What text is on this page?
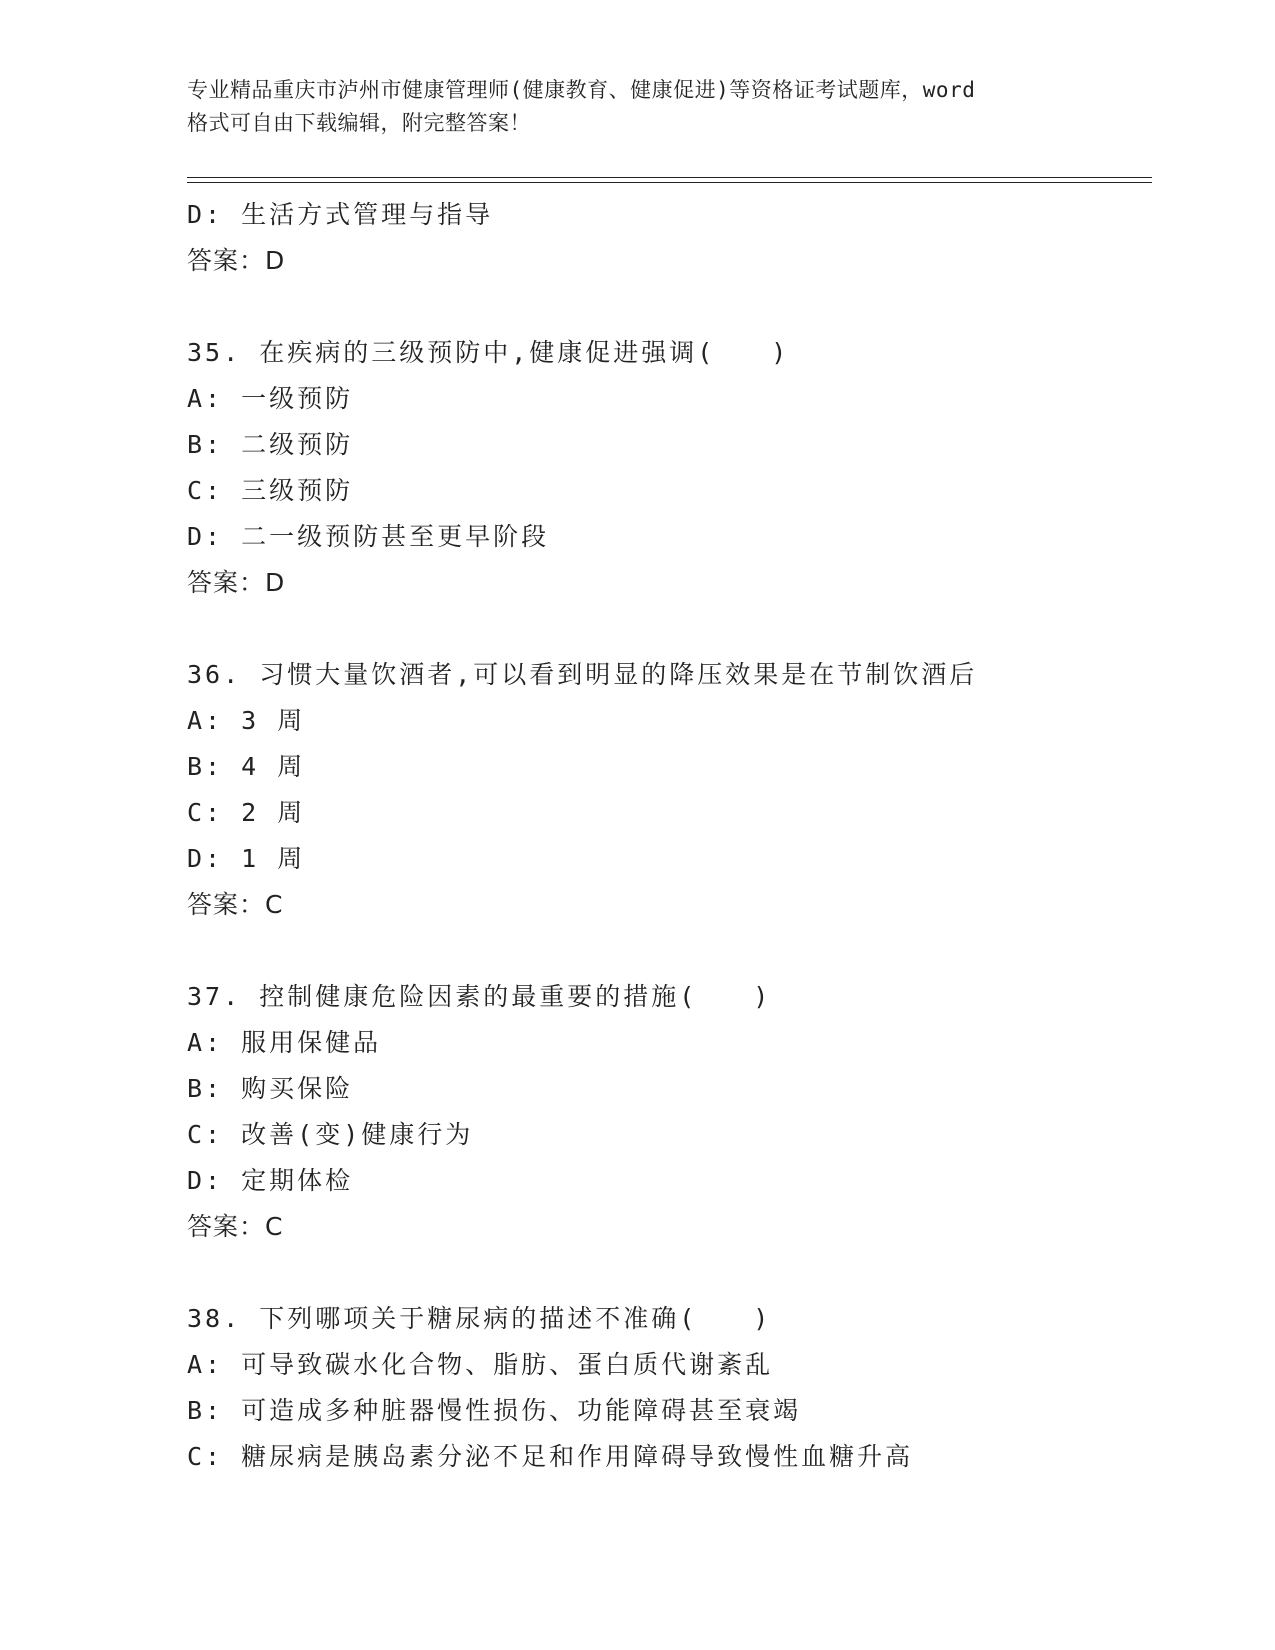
专业精品重庆市泸州市健康管理师(健康教育、健康促进)等资格证考试题库，word
格式可自由下载编辑，附完整答案！
D: 生活方式管理与指导
答案：D
35. 在疾病的三级预防中,健康促进强调(　　)
A: 一级预防
B: 二级预防
C: 三级预防
D: 二一级预防甚至更早阶段
答案：D
36. 习惯大量饮酒者,可以看到明显的降压效果是在节制饮酒后
A: 3 周
B: 4 周
C: 2 周
D: 1 周
答案：C
37. 控制健康危险因素的最重要的措施(　　)
A: 服用保健品
B: 购买保险
C: 改善(变)健康行为
D: 定期体检
答案：C
38. 下列哪项关于糖尿病的描述不准确(　　)
A: 可导致碳水化合物、脂肪、蛋白质代谢紊乱
B: 可造成多种脏器慢性损伤、功能障碍甚至衰竭
C: 糖尿病是胰岛素分泌不足和作用障碍导致慢性血糖升高
